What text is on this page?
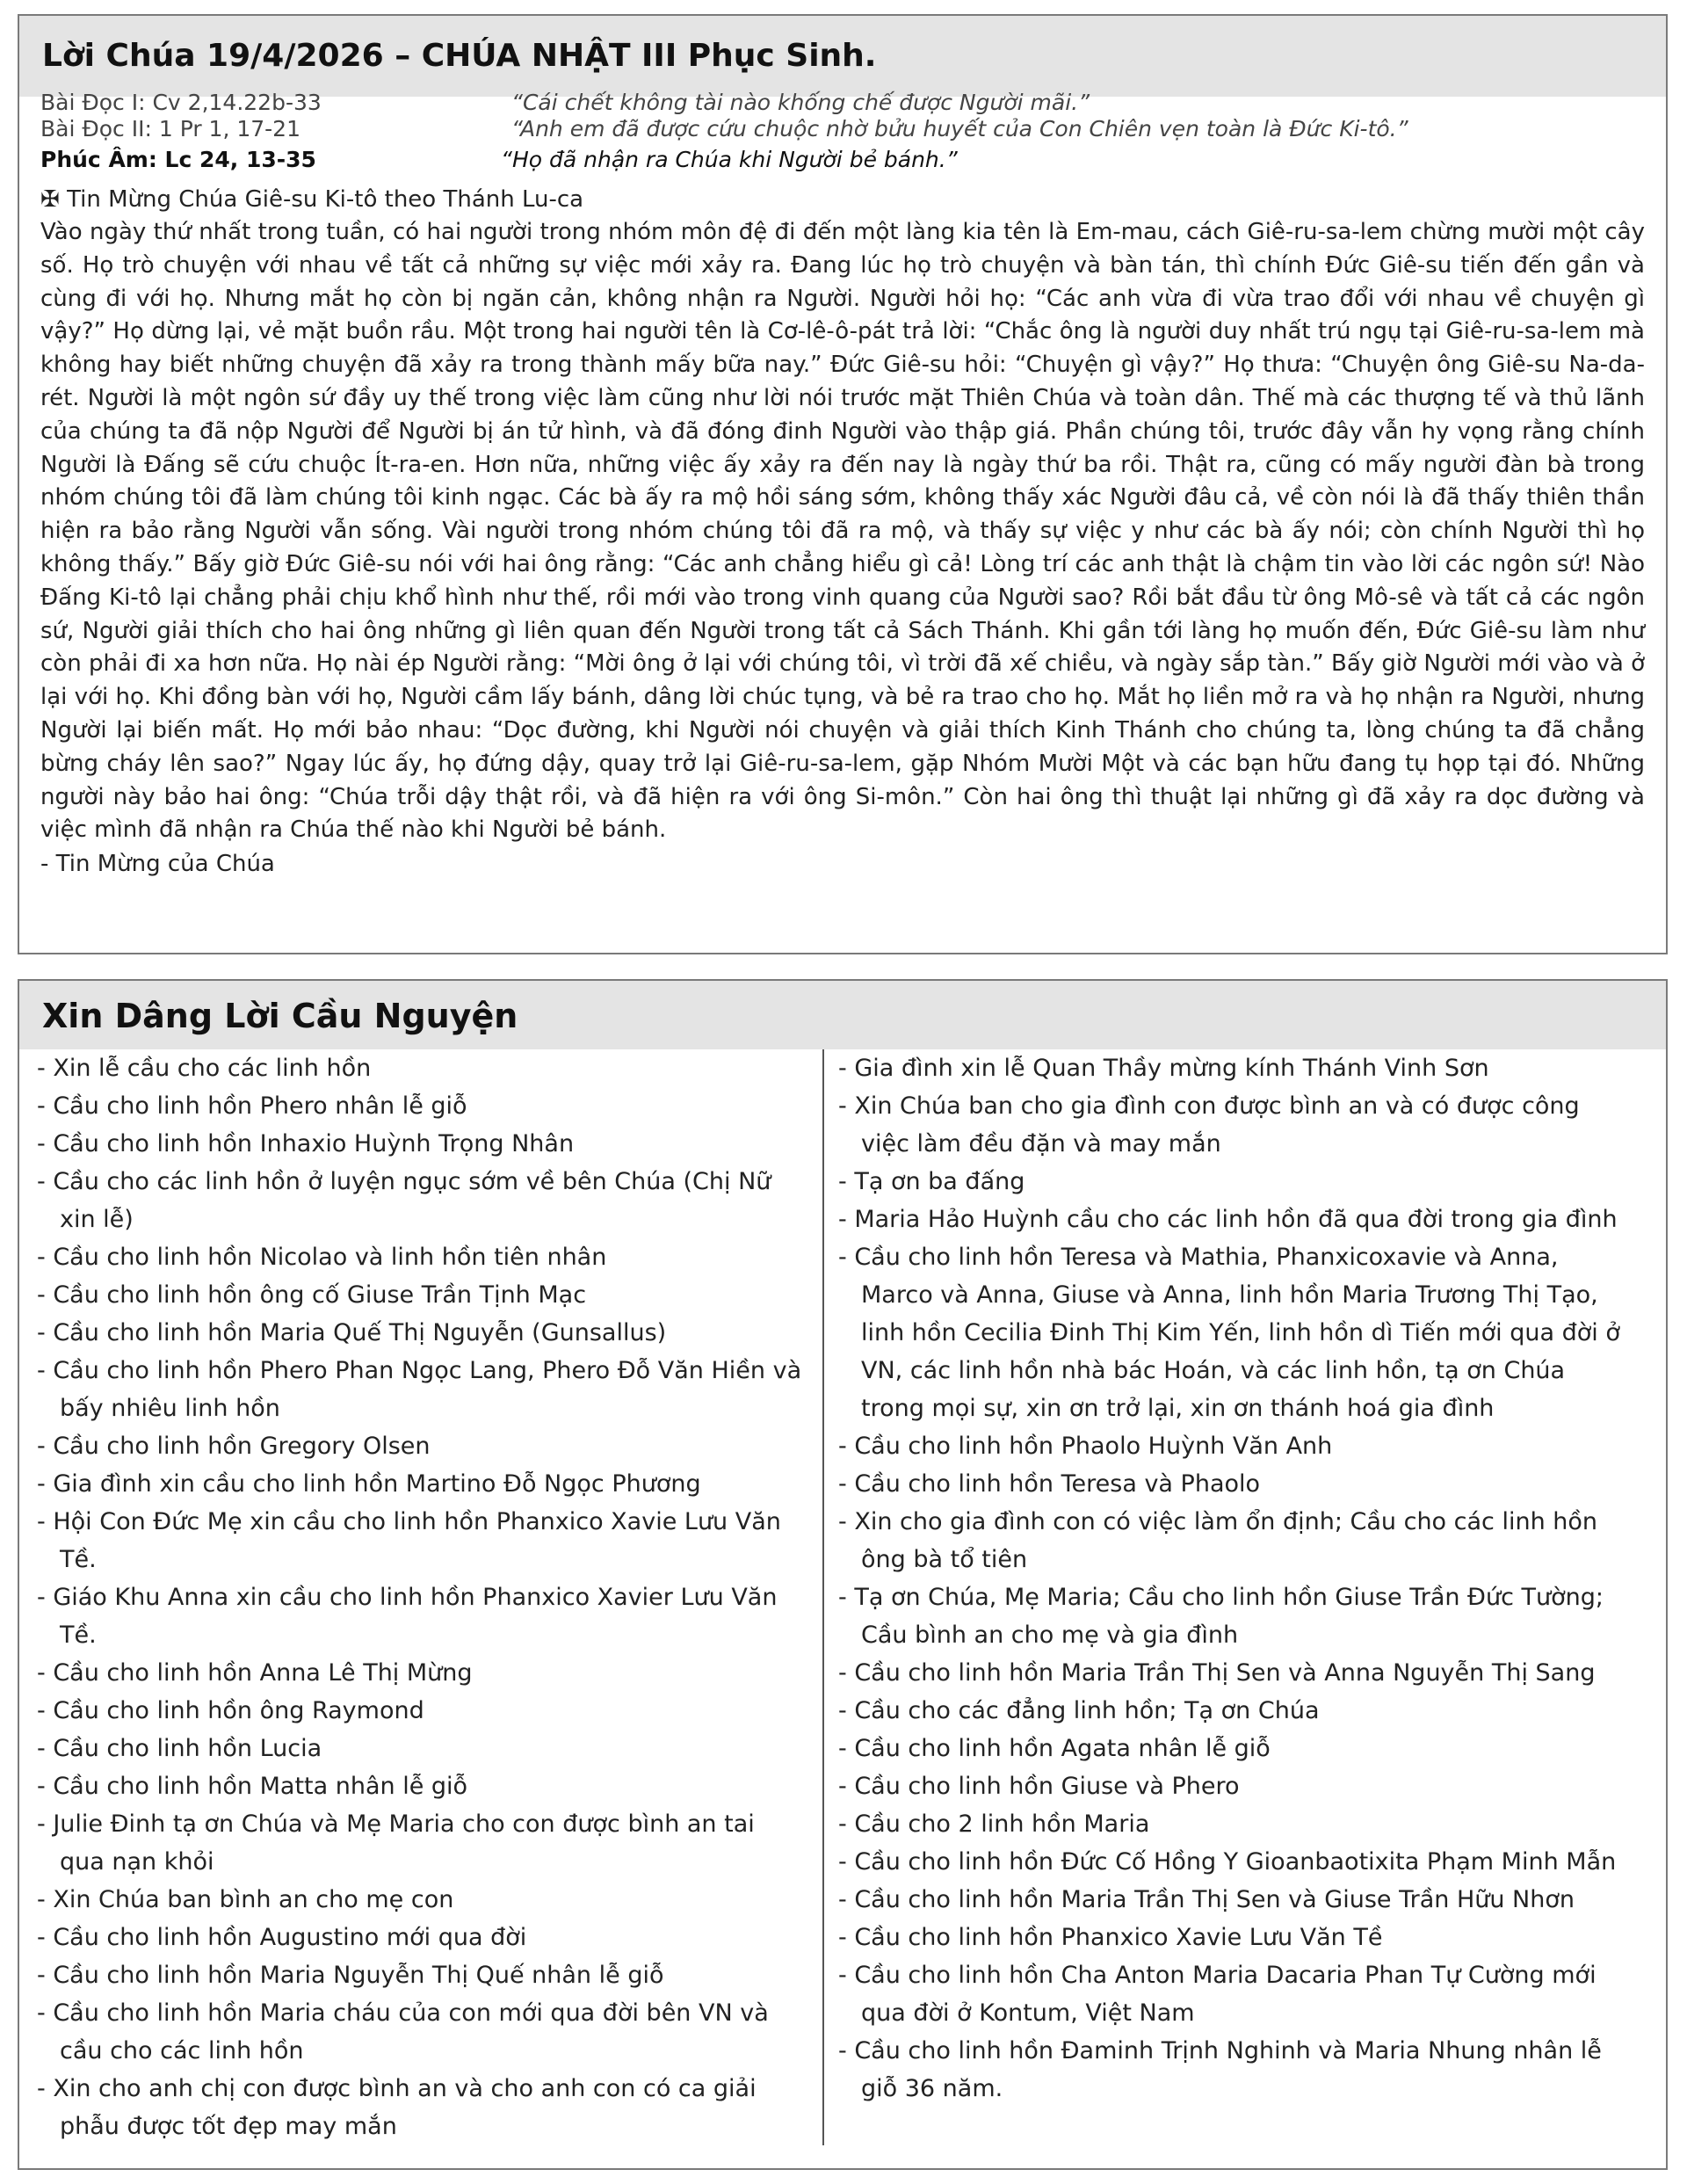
Lời Chúa 19/4/2026 – CHÚA NHẬT III Phục Sinh.
Bài Đọc I: Cv 2,14.22b-33	“Cái chết không tài nào khống chế được Người mãi.”
Bài Đọc II: 1 Pr 1, 17-21	“Anh em đã được cứu chuộc nhờ bửu huyết của Con Chiên vẹn toàn là Đức Ki-tô.”
Phúc Âm: Lc 24, 13-35	“Họ đã nhận ra Chúa khi Người bẻ bánh.”
✠ Tin Mừng Chúa Giê-su Ki-tô theo Thánh Lu-ca
Vào ngày thứ nhất trong tuần, có hai người trong nhóm môn đệ đi đến một làng kia tên là Em-mau, cách Giê-ru-sa-lem chừng mười một cây số. Họ trò chuyện với nhau về tất cả những sự việc mới xảy ra. Đang lúc họ trò chuyện và bàn tán, thì chính Đức Giê-su tiến đến gần và cùng đi với họ. Nhưng mắt họ còn bị ngăn cản, không nhận ra Người. Người hỏi họ: “Các anh vừa đi vừa trao đổi với nhau về chuyện gì vậy?” Họ dừng lại, vẻ mặt buồn rầu. Một trong hai người tên là Cơ-lê-ô-pát trả lời: “Chắc ông là người duy nhất trú ngụ tại Giê-ru-sa-lem mà không hay biết những chuyện đã xảy ra trong thành mấy bữa nay.” Đức Giê-su hỏi: “Chuyện gì vậy?” Họ thưa: “Chuyện ông Giê-su Na-da-rét. Người là một ngôn sứ đầy uy thế trong việc làm cũng như lời nói trước mặt Thiên Chúa và toàn dân. Thế mà các thượng tế và thủ lãnh của chúng ta đã nộp Người để Người bị án tử hình, và đã đóng đinh Người vào thập giá. Phần chúng tôi, trước đây vẫn hy vọng rằng chính Người là Đấng sẽ cứu chuộc Ít-ra-en. Hơn nữa, những việc ấy xảy ra đến nay là ngày thứ ba rồi. Thật ra, cũng có mấy người đàn bà trong nhóm chúng tôi đã làm chúng tôi kinh ngạc. Các bà ấy ra mộ hồi sáng sớm, không thấy xác Người đâu cả, về còn nói là đã thấy thiên thần hiện ra bảo rằng Người vẫn sống. Vài người trong nhóm chúng tôi đã ra mộ, và thấy sự việc y như các bà ấy nói; còn chính Người thì họ không thấy.” Bấy giờ Đức Giê-su nói với hai ông rằng: “Các anh chẳng hiểu gì cả! Lòng trí các anh thật là chậm tin vào lời các ngôn sứ! Nào Đấng Ki-tô lại chẳng phải chịu khổ hình như thế, rồi mới vào trong vinh quang của Người sao? Rồi bắt đầu từ ông Mô-sê và tất cả các ngôn sứ, Người giải thích cho hai ông những gì liên quan đến Người trong tất cả Sách Thánh. Khi gần tới làng họ muốn đến, Đức Giê-su làm như còn phải đi xa hơn nữa. Họ nài ép Người rằng: “Mời ông ở lại với chúng tôi, vì trời đã xế chiều, và ngày sắp tàn.” Bấy giờ Người mới vào và ở lại với họ. Khi đồng bàn với họ, Người cầm lấy bánh, dâng lời chúc tụng, và bẻ ra trao cho họ. Mắt họ liền mở ra và họ nhận ra Người, nhưng Người lại biến mất. Họ mới bảo nhau: “Dọc đường, khi Người nói chuyện và giải thích Kinh Thánh cho chúng ta, lòng chúng ta đã chẳng bừng cháy lên sao?” Ngay lúc ấy, họ đứng dậy, quay trở lại Giê-ru-sa-lem, gặp Nhóm Mười Một và các bạn hữu đang tụ họp tại đó. Những người này bảo hai ông: “Chúa trỗi dậy thật rồi, và đã hiện ra với ông Si-môn.” Còn hai ông thì thuật lại những gì đã xảy ra dọc đường và việc mình đã nhận ra Chúa thế nào khi Người bẻ bánh.
- Tin Mừng của Chúa
Xin Dâng Lời Cầu Nguyện
- Xin lễ cầu cho các linh hồn
- Cầu cho linh hồn Phero nhân lễ giỗ
- Cầu cho linh hồn Inhaxio Huỳnh Trọng Nhân
- Cầu cho các linh hồn ở luyện ngục sớm về bên Chúa (Chị Nữ xin lễ)
- Cầu cho linh hồn Nicolao và linh hồn tiên nhân
- Cầu cho linh hồn ông cố Giuse Trần Tịnh Mạc
- Cầu cho linh hồn Maria Quế Thị Nguyễn (Gunsallus)
- Cầu cho linh hồn Phero Phan Ngọc Lang, Phero Đỗ Văn Hiền và bấy nhiêu linh hồn
- Cầu cho linh hồn Gregory Olsen
- Gia đình xin cầu cho linh hồn Martino Đỗ Ngọc Phương
- Hội Con Đức Mẹ xin cầu cho linh hồn Phanxico Xavie Lưu Văn Tề.
- Giáo Khu Anna xin cầu cho linh hồn Phanxico Xavier Lưu Văn Tề.
- Cầu cho linh hồn Anna Lê Thị Mừng
- Cầu cho linh hồn ông Raymond
- Cầu cho linh hồn Lucia
- Cầu cho linh hồn Matta nhân lễ giỗ
- Julie Đinh tạ ơn Chúa và Mẹ Maria cho con được bình an tai qua nạn khỏi
- Xin Chúa ban bình an cho mẹ con
- Cầu cho linh hồn Augustino mới qua đời
- Cầu cho linh hồn Maria Nguyễn Thị Quế nhân lễ giỗ
- Cầu cho linh hồn Maria cháu của con mới qua đời bên VN và cầu cho các linh hồn
- Xin cho anh chị con được bình an và cho anh con có ca giải phẫu được tốt đẹp may mắn
- Gia đình xin lễ Quan Thầy mừng kính Thánh Vinh Sơn
- Xin Chúa ban cho gia đình con được bình an và có được công việc làm đều đặn và may mắn
- Tạ ơn ba đấng
- Maria Hảo Huỳnh cầu cho các linh hồn đã qua đời trong gia đình
- Cầu cho linh hồn Teresa và Mathia, Phanxicoxavie và Anna, Marco và Anna, Giuse và Anna, linh hồn Maria Trương Thị Tạo, linh hồn Cecilia Đinh Thị Kim Yến, linh hồn dì Tiến mới qua đời ở VN, các linh hồn nhà bác Hoán, và các linh hồn, tạ ơn Chúa trong mọi sự, xin ơn trở lại, xin ơn thánh hoá gia đình
- Cầu cho linh hồn Phaolo Huỳnh Văn Anh
- Cầu cho linh hồn Teresa và Phaolo
- Xin cho gia đình con có việc làm ổn định; Cầu cho các linh hồn ông bà tổ tiên
- Tạ ơn Chúa, Mẹ Maria; Cầu cho linh hồn Giuse Trần Đức Tường; Cầu bình an cho mẹ và gia đình
- Cầu cho linh hồn Maria Trần Thị Sen và Anna Nguyễn Thị Sang
- Cầu cho các đẳng linh hồn; Tạ ơn Chúa
- Cầu cho linh hồn Agata nhân lễ giỗ
- Cầu cho linh hồn Giuse và Phero
- Cầu cho 2 linh hồn Maria
- Cầu cho linh hồn Đức Cố Hồng Y Gioanbaotixita Phạm Minh Mẫn
- Cầu cho linh hồn Maria Trần Thị Sen và Giuse Trần Hữu Nhơn
- Cầu cho linh hồn Phanxico Xavie Lưu Văn Tề
- Cầu cho linh hồn Cha Anton Maria Dacaria Phan Tự Cường mới qua đời ở Kontum, Việt Nam
- Cầu cho linh hồn Đaminh Trịnh Nghinh và Maria Nhung nhân lễ giỗ 36 năm.
